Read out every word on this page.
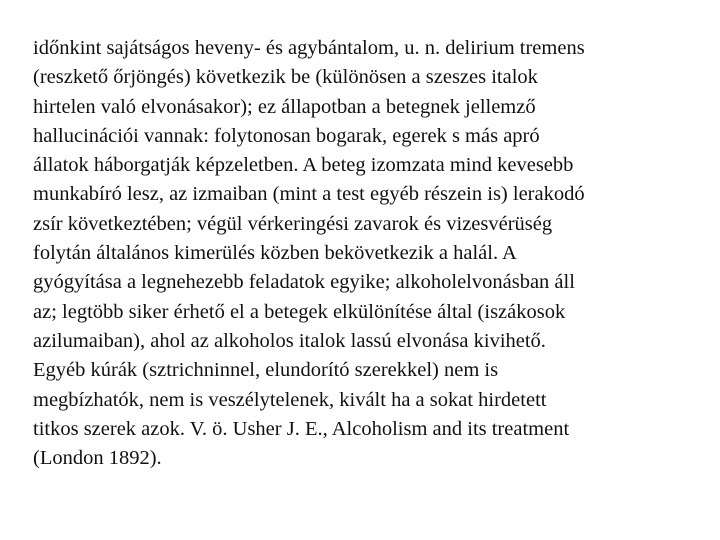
időnkint sajátságos heveny- és agybántalom, u. n. delirium tremens
(reszkető őrjöngés) következik be (különösen a szeszes italok
hirtelen való elvonásakor); ez állapotban a betegnek jellemző
hallucinációi vannak: folytonosan bogarak, egerek s más apró
állatok háborgatják képzeletben. A beteg izomzata mind kevesebb
munkabíró lesz, az izmaiban (mint a test egyéb részein is) lerakodó
zsír következtében; végül vérkeringési zavarok és vizesvérüség
folytán általános kimerülés közben bekövetkezik a halál. A
gyógyítása a legnehezebb feladatok egyike; alkoholelvonásban áll
az; legtöbb siker érhető el a betegek elkülönítése által (iszákosok
azilumaiban), ahol az alkoholos italok lassú elvonása kivihető.
Egyéb kúrák (sztrichninnel, elundorító szerekkel) nem is
megbízhatók, nem is veszélytelenek, kivált ha a sokat hirdetett
titkos szerek azok. V. ö. Usher J. E., Alcoholism and its treatment
(London 1892).
